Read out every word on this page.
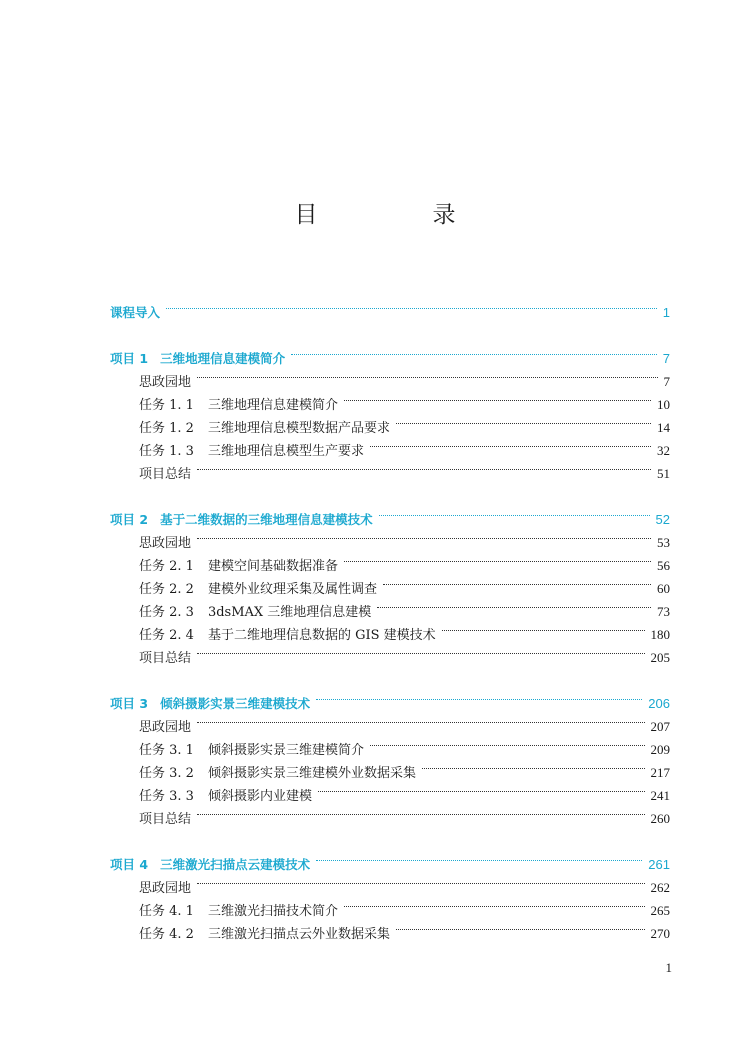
目　录
课程导入	1
项目 1 三维地理信息建模简介	7
思政园地	7
任务 1. 1 三维地理信息建模简介	10
任务 1. 2 三维地理信息模型数据产品要求	14
任务 1. 3 三维地理信息模型生产要求	32
项目总结	51
项目 2 基于二维数据的三维地理信息建模技术	52
思政园地	53
任务 2. 1 建模空间基础数据准备	56
任务 2. 2 建模外业纹理采集及属性调查	60
任务 2. 3 3dsMAX 三维地理信息建模	73
任务 2. 4 基于二维地理信息数据的 GIS 建模技术	180
项目总结	205
项目 3 倾斜摄影实景三维建模技术	206
思政园地	207
任务 3. 1 倾斜摄影实景三维建模简介	209
任务 3. 2 倾斜摄影实景三维建模外业数据采集	217
任务 3. 3 倾斜摄影内业建模	241
项目总结	260
项目 4 三维激光扫描点云建模技术	261
思政园地	262
任务 4. 1 三维激光扫描技术简介	265
任务 4. 2 三维激光扫描点云外业数据采集	270
1
